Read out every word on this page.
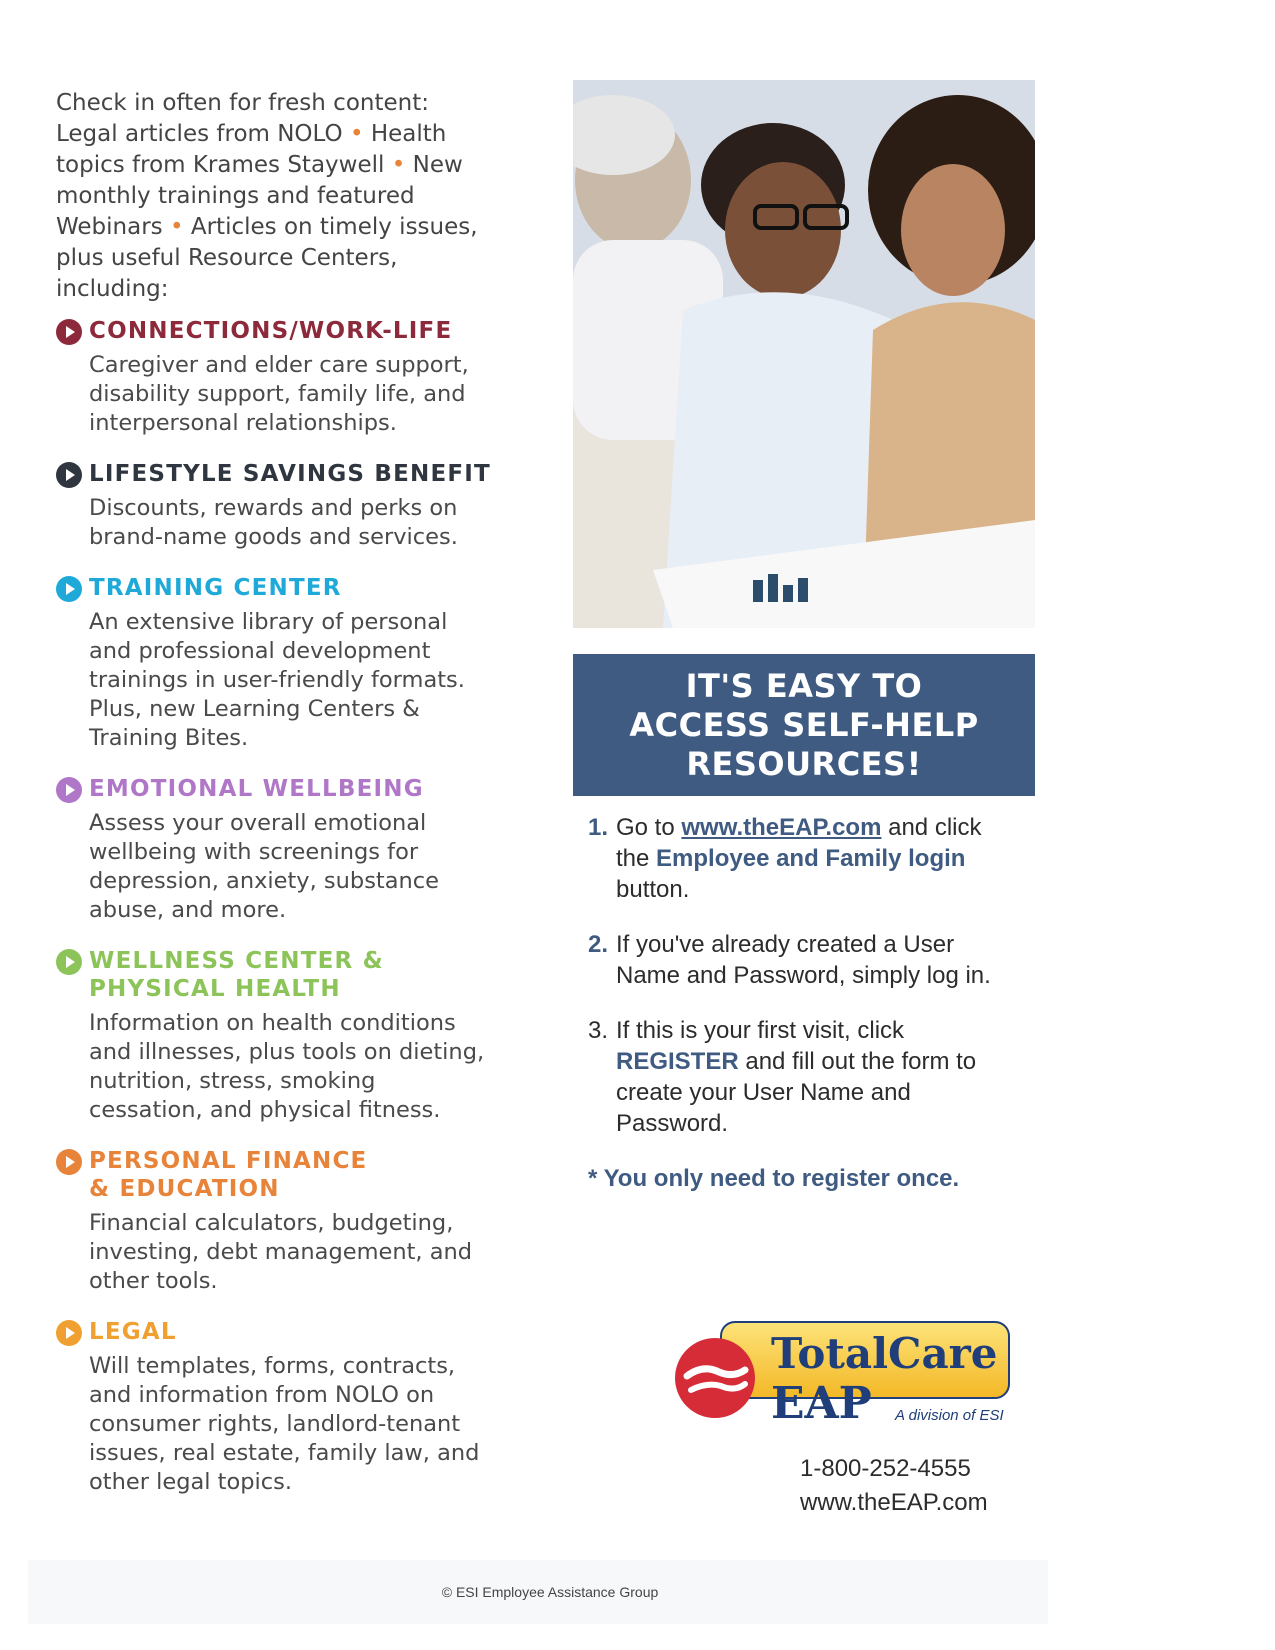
Check in often for fresh content: Legal articles from NOLO • Health topics from Krames Staywell • New monthly trainings and featured Webinars • Articles on timely issues, plus useful Resource Centers, including:

CONNECTIONS/WORK-LIFE
Caregiver and elder care support, disability support, family life, and interpersonal relationships.
LIFESTYLE SAVINGS BENEFIT
Discounts, rewards and perks on brand-name goods and services.
TRAINING CENTER
An extensive library of personal and professional development trainings in user-friendly formats. Plus, new Learning Centers & Training Bites.
EMOTIONAL WELLBEING
Assess your overall emotional wellbeing with screenings for depression, anxiety, substance abuse, and more.
WELLNESS CENTER & PHYSICAL HEALTH
Information on health conditions and illnesses, plus tools on dieting, nutrition, stress, smoking cessation, and physical fitness.
PERSONAL FINANCE & EDUCATION
Financial calculators, budgeting, investing, debt management, and other tools.
LEGAL
Will templates, forms, contracts, and information from NOLO on consumer rights, landlord-tenant issues, real estate, family law, and other legal topics.
IT'S EASY TO
ACCESS SELF-HELP
RESOURCES!
1. Go to www.theEAP.com and click the Employee and Family login button.
2. If you've already created a User Name and Password, simply log in.
3. If this is your first visit, click REGISTER and fill out the form to create your User Name and Password.
* You only need to register once.
TotalCare
EAP A division of ESI
1-800-252-4555
www.theEAP.com
© ESI Employee Assistance Group
